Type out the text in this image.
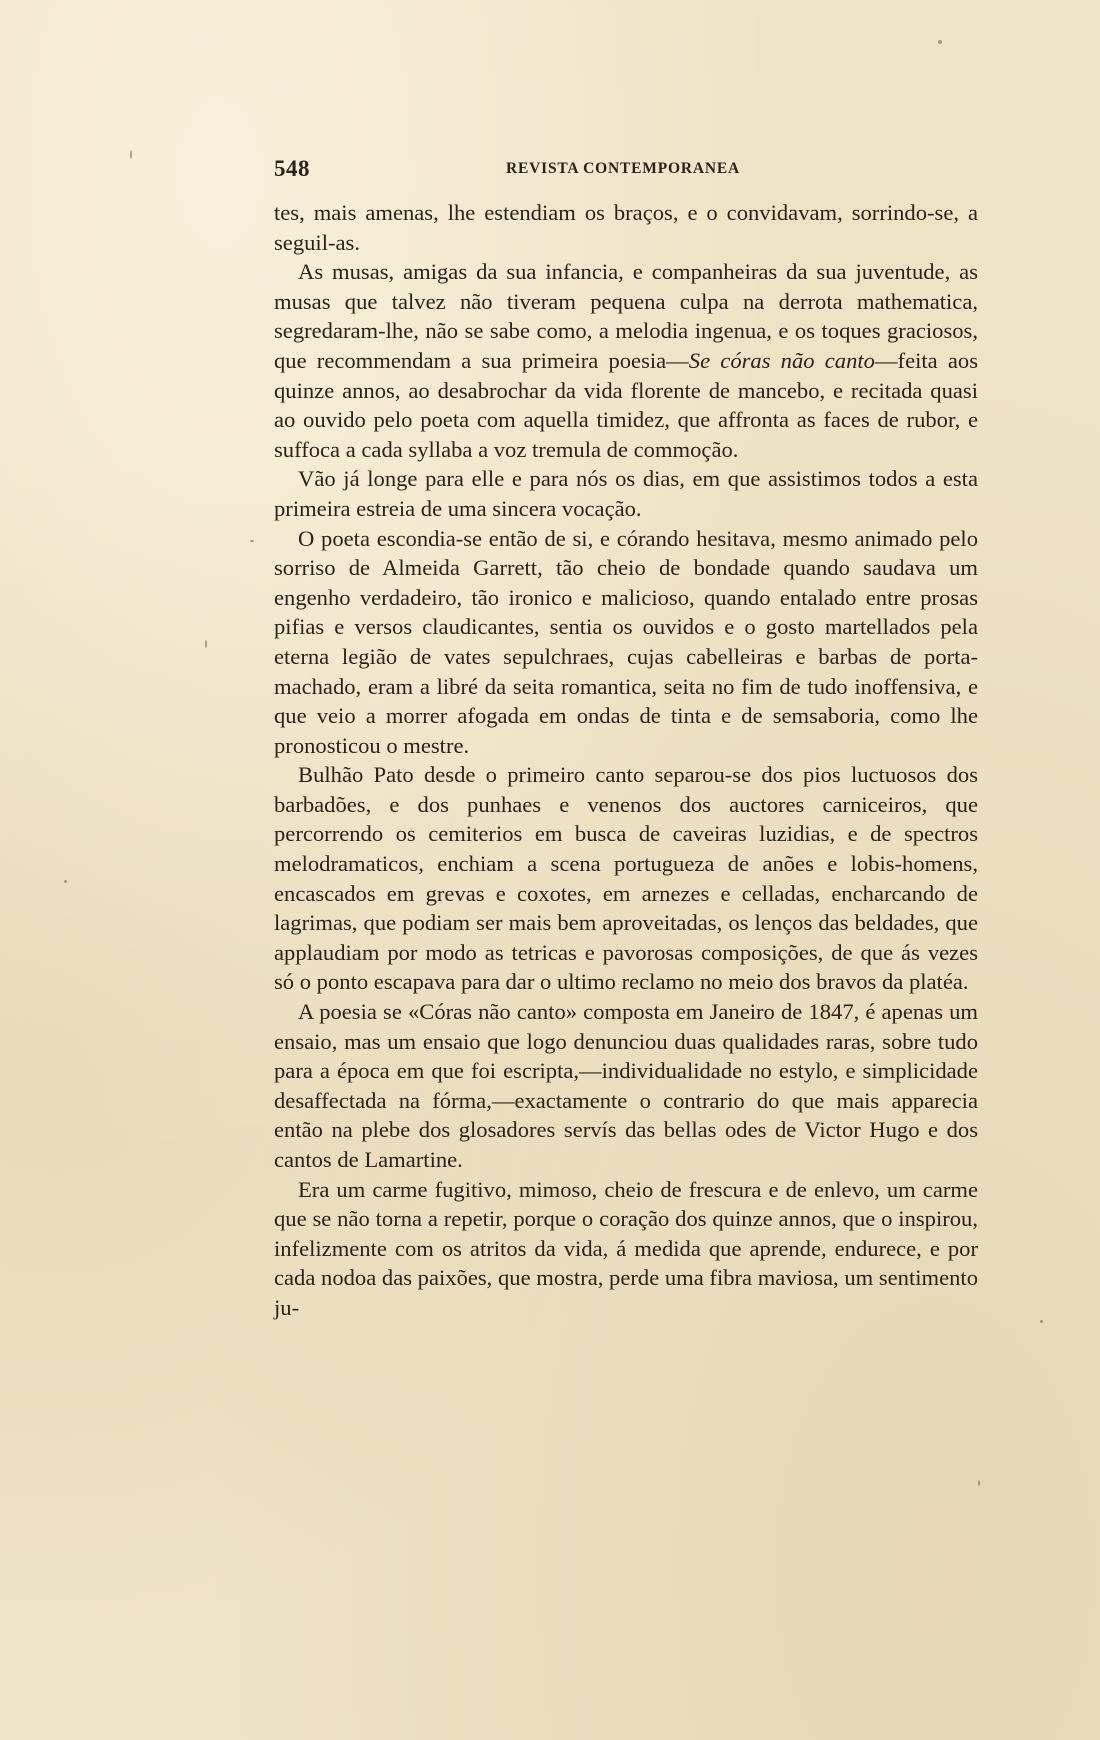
548	REVISTA CONTEMPORANEA

tes, mais amenas, lhe estendiam os braços, e o convidavam, sorrindo-se, a seguil-as.

As musas, amigas da sua infancia, e companheiras da sua juventude, as musas que talvez não tiveram pequena culpa na derrota mathematica, segredaram-lhe, não se sabe como, a melodia ingenua, e os toques graciosos, que recommendam a sua primeira poesia—Se córas não canto—feita aos quinze annos, ao desabrochar da vida florente de mancebo, e recitada quasi ao ouvido pelo poeta com aquella timidez, que affronta as faces de rubor, e suffoca a cada syllaba a voz tremula de commoção.

Vão já longe para elle e para nós os dias, em que assistimos todos a esta primeira estreia de uma sincera vocação.

O poeta escondia-se então de si, e córando hesitava, mesmo animado pelo sorriso de Almeida Garrett, tão cheio de bondade quando saudava um engenho verdadeiro, tão ironico e malicioso, quando entalado entre prosas pifias e versos claudicantes, sentia os ouvidos e o gosto martellados pela eterna legião de vates sepulchraes, cujas cabelleiras e barbas de porta-machado, eram a libré da seita romantica, seita no fim de tudo inoffensiva, e que veio a morrer afogada em ondas de tinta e de semsaboria, como lhe pronosticou o mestre.

Bulhão Pato desde o primeiro canto separou-se dos pios luctuosos dos barbadões, e dos punhaes e venenos dos auctores carniceiros, que percorrendo os cemiterios em busca de caveiras luzidias, e de spectros melodramaticos, enchiam a scena portugueza de anões e lobis-homens, encascados em grevas e coxotes, em arnezes e celladas, encharcando de lagrimas, que podiam ser mais bem aproveitadas, os lenços das beldades, que applaudiam por modo as tetricas e pavorosas composições, de que ás vezes só o ponto escapava para dar o ultimo reclamo no meio dos bravos da platéa.

A poesia se «Córas não canto» composta em Janeiro de 1847, é apenas um ensaio, mas um ensaio que logo denunciou duas qualidades raras, sobre tudo para a época em que foi escripta,—individualidade no estylo, e simplicidade desaffectada na fórma,—exactamente o contrario do que mais apparecia então na plebe dos glosadores servís das bellas odes de Victor Hugo e dos cantos de Lamartine.

Era um carme fugitivo, mimoso, cheio de frescura e de enlevo, um carme que se não torna a repetir, porque o coração dos quinze annos, que o inspirou, infelizmente com os atritos da vida, á medida que aprende, endurece, e por cada nodoa das paixões, que mostra, perde uma fibra maviosa, um sentimento ju-
